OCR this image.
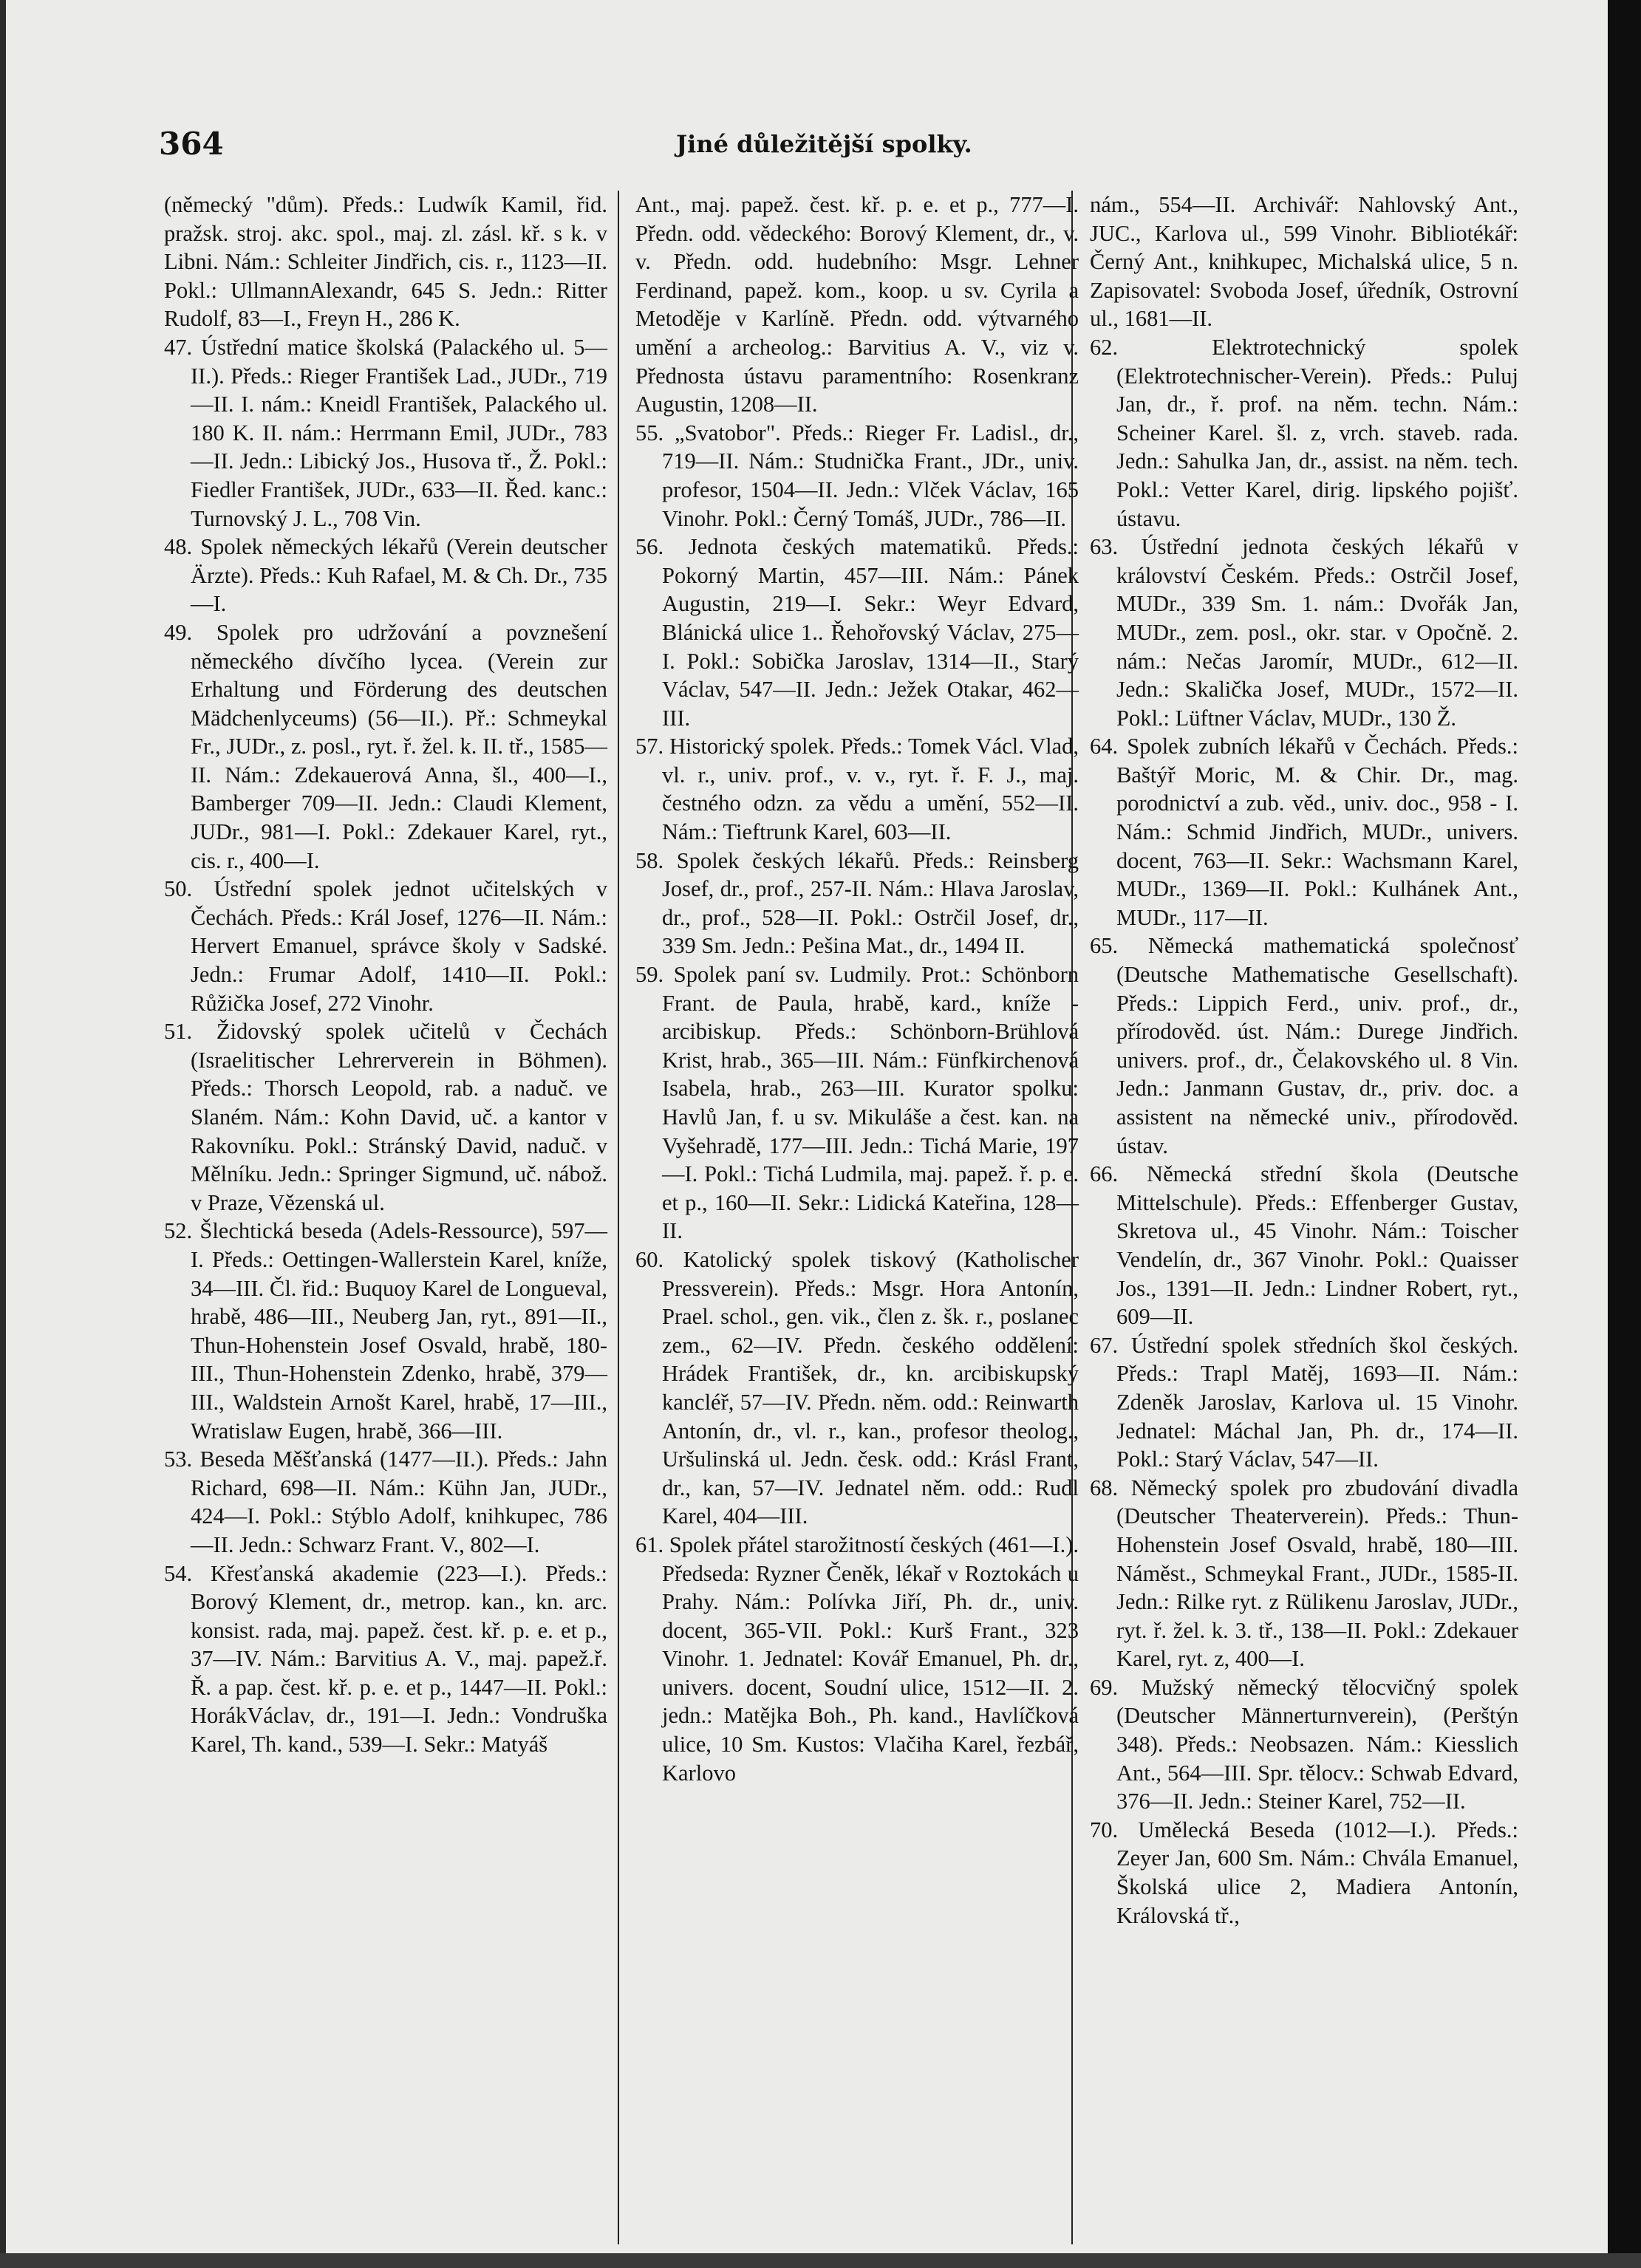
364	Jiné důležitější spolky.

(německý "dům). Předs.: Ludwík Kamil, řid. pražsk. stroj. akc. spol., maj. zl. zásl. kř. s k. v Libni. Nám.: Schleiter Jindřich, cis. r., 1123—II. Pokl.: UllmannAlexandr, 645 S. Jedn.: Ritter Rudolf, 83—I., Freyn H., 286 K.

47. Ústřední matice školská (Palackého ul. 5—II.). Předs.: Rieger František Lad., JUDr., 719—II. I. nám.: Kneidl František, Palackého ul. 180 K. II. nám.: Herrmann Emil, JUDr., 783—II. Jedn.: Libický Jos., Husova tř., Ž. Pokl.: Fiedler František, JUDr., 633—II. Řed. kanc.: Turnovský J. L., 708 Vin.

48. Spolek německých lékařů (Verein deutscher Ärzte). Předs.: Kuh Rafael, M. & Ch. Dr., 735—I.

49. Spolek pro udržování a povznešení německého dívčího lycea. (Verein zur Erhaltung und Förderung des deutschen Mädchenlyceums) (56—II.). Př.: Schmeykal Fr., JUDr., z. posl., ryt. ř. žel. k. II. tř., 1585—II. Nám.: Zdekauerová Anna, šl., 400—I., Bamberger 709—II. Jedn.: Claudi Klement, JUDr., 981—I. Pokl.: Zdekauer Karel, ryt., cis. r., 400—I.

50. Ústřední spolek jednot učitelských v Čechách. Předs.: Král Josef, 1276—II. Nám.: Hervert Emanuel, správce školy v Sadské. Jedn.: Frumar Adolf, 1410—II. Pokl.: Růžička Josef, 272 Vinohr.

51. Židovský spolek učitelů v Čechách (Israelitischer Lehrerverein in Böhmen). Předs.: Thorsch Leopold, rab. a naduč. ve Slaném. Nám.: Kohn David, uč. a kantor v Rakovníku. Pokl.: Stránský David, naduč. v Mělníku. Jedn.: Springer Sigmund, uč. nábož. v Praze, Vězenská ul.

52. Šlechtická beseda (Adels-Ressource), 597—I. Předs.: Oettingen-Wallerstein Karel, kníže, 34—III. Čl. řid.: Buquoy Karel de Longueval, hrabě, 486—III., Neuberg Jan, ryt., 891—II., Thun-Hohenstein Josef Osvald, hrabě, 180-III., Thun-Hohenstein Zdenko, hrabě, 379—III., Waldstein Arnošt Karel, hrabě, 17—III., Wratislaw Eugen, hrabě, 366—III.

53. Beseda Měšťanská (1477—II.). Předs.: Jahn Richard, 698—II. Nám.: Kühn Jan, JUDr., 424—I. Pokl.: Stýblo Adolf, knihkupec, 786—II. Jedn.: Schwarz Frant. V., 802—I.

54. Křesťanská akademie (223—I.). Předs.: Borový Klement, dr., metrop. kan., kn. arc. konsist. rada, maj. papež. čest. kř. p. e. et p., 37—IV. Nám.: Barvitius A. V., maj. papež.ř. Ř. a pap. čest. kř. p. e. et p., 1447—II. Pokl.: HorákVáclav, dr., 191—I. Jedn.: Vondruška Karel, Th. kand., 539—I. Sekr.: Matyáš

Ant., maj. papež. čest. kř. p. e. et p., 777—I. Předn. odd. vědeckého: Borový Klement, dr., v. v. Předn. odd. hudebního: Msgr. Lehner Ferdinand, papež. kom., koop. u sv. Cyrila a Metoděje v Karlíně. Předn. odd. výtvarného umění a archeolog.: Barvitius A. V., viz v. Přednosta ústavu paramentního: Rosenkranz Augustin, 1208—II.

55. „Svatobor". Předs.: Rieger Fr. Ladisl., dr., 719—II. Nám.: Studnička Frant., JDr., univ. profesor, 1504—II. Jedn.: Vlček Václav, 165 Vinohr. Pokl.: Černý Tomáš, JUDr., 786—II.

56. Jednota českých matematiků. Předs.: Pokorný Martin, 457—III. Nám.: Pánek Augustin, 219—I. Sekr.: Weyr Edvard, Blánická ulice 1.. Řehořovský Václav, 275—I. Pokl.: Sobička Jaroslav, 1314—II., Starý Václav, 547—II. Jedn.: Ježek Otakar, 462—III.

57. Historický spolek. Předs.: Tomek Václ. Vlad, vl. r., univ. prof., v. v., ryt. ř. F. J., maj. čestného odzn. za vědu a umění, 552—II. Nám.: Tieftrunk Karel, 603—II.

58. Spolek českých lékařů. Předs.: Reinsberg Josef, dr., prof., 257-II. Nám.: Hlava Jaroslav, dr., prof., 528—II. Pokl.: Ostrčil Josef, dr., 339 Sm. Jedn.: Pešina Mat., dr., 1494 II.

59. Spolek paní sv. Ludmily. Prot.: Schönborn Frant. de Paula, hrabě, kard., kníže - arcibiskup. Předs.: Schönborn-Brühlová Krist, hrab., 365—III. Nám.: Fünfkirchenová Isabela, hrab., 263—III. Kurator spolku: Havlů Jan, f. u sv. Mikuláše a čest. kan. na Vyšehradě, 177—III. Jedn.: Tichá Marie, 197—I. Pokl.: Tichá Ludmila, maj. papež. ř. p. e. et p., 160—II. Sekr.: Lidická Kateřina, 128—II.

60. Katolický spolek tiskový (Katholischer Pressverein). Předs.: Msgr. Hora Antonín, Prael. schol., gen. vik., člen z. šk. r., poslanec zem., 62—IV. Předn. českého oddělení: Hrádek František, dr., kn. arcibiskupský kancléř, 57—IV. Předn. něm. odd.: Reinwarth Antonín, dr., vl. r., kan., profesor theolog., Uršulinská ul. Jedn. česk. odd.: Krásl Frant, dr., kan, 57—IV. Jednatel něm. odd.: Rudl Karel, 404—III.

61. Spolek přátel starožitností českých (461—I.). Předseda: Ryzner Čeněk, lékař v Roztokách u Prahy. Nám.: Polívka Jiří, Ph. dr., univ. docent, 365-VII. Pokl.: Kurš Frant., 323 Vinohr. 1. Jednatel: Kovář Emanuel, Ph. dr., univers. docent, Soudní ulice, 1512—II. 2. jedn.: Matějka Boh., Ph. kand., Havlíčková ulice, 10 Sm. Kustos: Vlačiha Karel, řezbář, Karlovo

nám., 554—II. Archivář: Nahlovský Ant., JUC., Karlova ul., 599 Vinohr. Bibliotékář: Černý Ant., knihkupec, Michalská ulice, 5 n. Zapisovatel: Svoboda Josef, úředník, Ostrovní ul., 1681—II.

62. Elektrotechnický spolek (Elektrotechnischer-Verein). Předs.: Puluj Jan, dr., ř. prof. na něm. techn. Nám.: Scheiner Karel. šl. z, vrch. staveb. rada. Jedn.: Sahulka Jan, dr., assist. na něm. tech. Pokl.: Vetter Karel, dirig. lipského pojišť. ústavu.

63. Ústřední jednota českých lékařů v království Českém. Předs.: Ostrčil Josef, MUDr., 339 Sm. 1. nám.: Dvořák Jan, MUDr., zem. posl., okr. star. v Opočně. 2. nám.: Nečas Jaromír, MUDr., 612—II. Jedn.: Skalička Josef, MUDr., 1572—II. Pokl.: Lüftner Václav, MUDr., 130 Ž.

64. Spolek zubních lékařů v Čechách. Předs.: Baštýř Moric, M. & Chir. Dr., mag. porodnictví a zub. věd., univ. doc., 958 - I. Nám.: Schmid Jindřich, MUDr., univers. docent, 763—II. Sekr.: Wachsmann Karel, MUDr., 1369—II. Pokl.: Kulhánek Ant., MUDr., 117—II.

65. Německá mathematická společnosť (Deutsche Mathematische Gesellschaft). Předs.: Lippich Ferd., univ. prof., dr., přírodověd. úst. Nám.: Durege Jindřich. univers. prof., dr., Čelakovského ul. 8 Vin. Jedn.: Janmann Gustav, dr., priv. doc. a assistent na německé univ., přírodověd. ústav.

66. Německá střední škola (Deutsche Mittelschule). Předs.: Effenberger Gustav, Skretova ul., 45 Vinohr. Nám.: Toischer Vendelín, dr., 367 Vinohr. Pokl.: Quaisser Jos., 1391—II. Jedn.: Lindner Robert, ryt., 609—II.

67. Ústřední spolek středních škol českých. Předs.: Trapl Matěj, 1693—II. Nám.: Zdeněk Jaroslav, Karlova ul. 15 Vinohr. Jednatel: Máchal Jan, Ph. dr., 174—II. Pokl.: Starý Václav, 547—II.

68. Německý spolek pro zbudování divadla (Deutscher Theaterverein). Předs.: Thun-Hohenstein Josef Osvald, hrabě, 180—III. Náměst., Schmeykal Frant., JUDr., 1585-II. Jedn.: Rilke ryt. z Rülikenu Jaroslav, JUDr., ryt. ř. žel. k. 3. tř., 138—II. Pokl.: Zdekauer Karel, ryt. z, 400—I.

69. Mužský německý tělocvičný spolek (Deutscher Männerturnverein), (Perštýn 348). Předs.: Neobsazen. Nám.: Kiesslich Ant., 564—III. Spr. tělocv.: Schwab Edvard, 376—II. Jedn.: Steiner Karel, 752—II.

70. Umělecká Beseda (1012—I.). Předs.: Zeyer Jan, 600 Sm. Nám.: Chvála Emanuel, Školská ulice 2, Madiera Antonín, Královská tř.,
